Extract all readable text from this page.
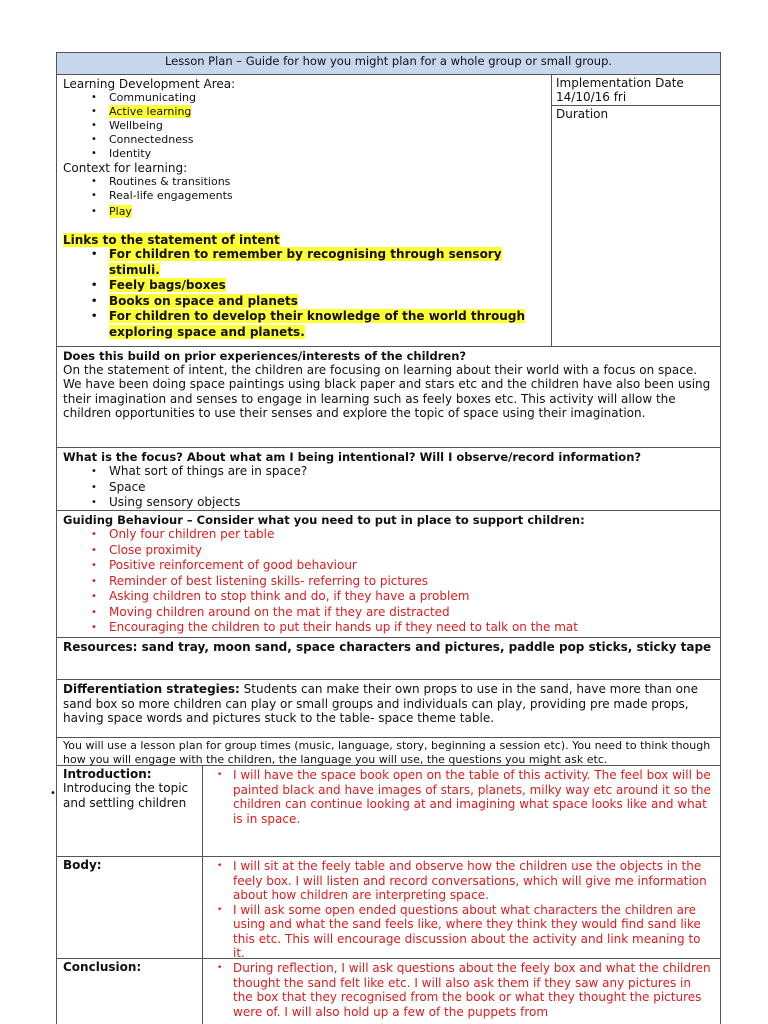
•
Lesson Plan – Guide for how you might plan for a whole group or small group.
Learning Development Area:
• Communicating
• Active learning
• Wellbeing
• Connectedness
• Identity
Context for learning:
• Routines & transitions
• Real-life engagements
• Play
Links to the statement of intent
• For children to remember by recognising through sensory stimuli.
• Feely bags/boxes
• Books on space and planets
• For children to develop their knowledge of the world through exploring space and planets.
Implementation Date
14/10/16 fri
Duration
Does this build on prior experiences/interests of the children?

On the statement of intent, the children are focusing on learning about their world with a focus on space. We have been doing space paintings using black paper and stars etc and the children have also been using their imagination and senses to engage in learning such as feely boxes etc. This activity will allow the children opportunities to use their senses and explore the topic of space using their imagination.

What is the focus? About what am I being intentional? Will I observe/record information?
• What sort of things are in space?
• Space
• Using sensory objects
Guiding Behaviour – Consider what you need to put in place to support children:
• Only four children per table
• Close proximity
• Positive reinforcement of good behaviour
• Reminder of best listening skills- referring to pictures
• Asking children to stop think and do, if they have a problem
• Moving children around on the mat if they are distracted
• Encouraging the children to put their hands up if they need to talk on the mat
Resources: sand tray, moon sand, space characters and pictures, paddle pop sticks, sticky tape
Differentiation strategies: Students can make their own props to use in the sand, have more than one sand box so more children can play or small groups and individuals can play, providing pre made props, having space words and pictures stuck to the table- space theme table.
You will use a lesson plan for group times (music, language, story, beginning a session etc). You need to think though how you will engage with the children, the language you will use, the questions you might ask etc.
Introduction:
Introducing the topic and settling children
• I will have the space book open on the table of this activity. The feel box will be painted black and have images of stars, planets, milky way etc around it so the children can continue looking at and imagining what space looks like and what is in space.
Body:	• I will sit at the feely table and observe how the children use the objects in the feely box. I will listen and record conversations, which will give me information about how children are interpreting space.
• I will ask some open ended questions about what characters the children are using and what the sand feels like, where they think they would find sand like this etc. This will encourage discussion about the activity and link meaning to it.
Conclusion:	• During reflection, I will ask questions about the feely box and what the children thought the sand felt like etc. I will also ask them if they saw any pictures in the box that they recognised from the book or what they thought the pictures were of. I will also hold up a few of the puppets from
